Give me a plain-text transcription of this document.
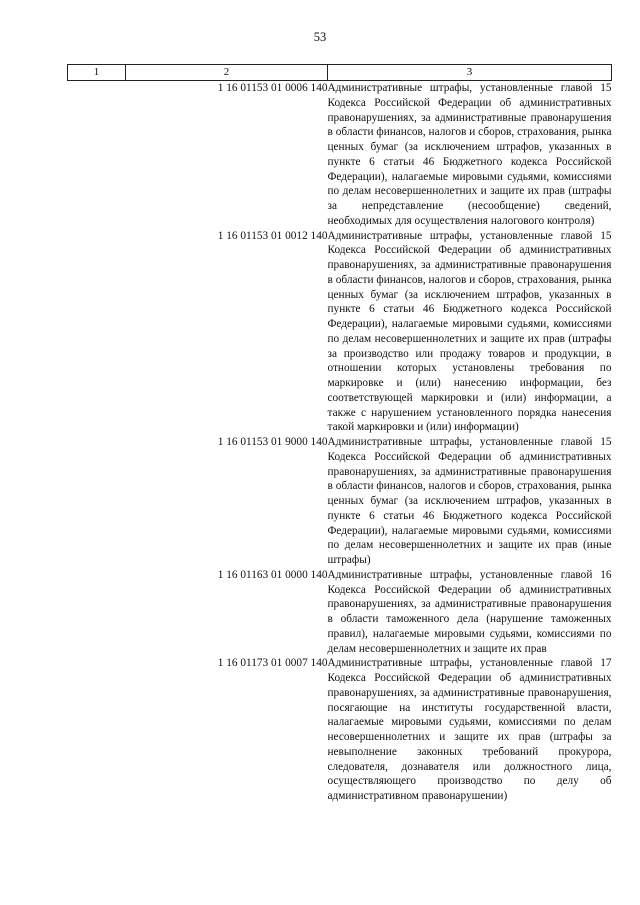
53
1	2	3
	1 16 01153 01 0006 140	Административные штрафы, установленные главой 15 Кодекса Российской Федерации об административных правонарушениях, за административные правонарушения в области финансов, налогов и сборов, страхования, рынка ценных бумаг (за исключением штрафов, указанных в пункте 6 статьи 46 Бюджетного кодекса Российской Федерации), налагаемые мировыми судьями, комиссиями по делам несовершеннолетних и защите их прав (штрафы за непредставление (несообщение) сведений, необходимых для осуществления налогового контроля)
	1 16 01153 01 0012 140	Административные штрафы, установленные главой 15 Кодекса Российской Федерации об административных правонарушениях, за административные правонарушения в области финансов, налогов и сборов, страхования, рынка ценных бумаг (за исключением штрафов, указанных в пункте 6 статьи 46 Бюджетного кодекса Российской Федерации), налагаемые мировыми судьями, комиссиями по делам несовершеннолетних и защите их прав (штрафы за производство или продажу товаров и продукции, в отношении которых установлены требования по маркировке и (или) нанесению информации, без соответствующей маркировки и (или) информации, а также с нарушением установленного порядка нанесения такой маркировки и (или) информации)
	1 16 01153 01 9000 140	Административные штрафы, установленные главой 15 Кодекса Российской Федерации об административных правонарушениях, за административные правонарушения в области финансов, налогов и сборов, страхования, рынка ценных бумаг (за исключением штрафов, указанных в пункте 6 статьи 46 Бюджетного кодекса Российской Федерации), налагаемые мировыми судьями, комиссиями по делам несовершеннолетних и защите их прав (иные штрафы)
	1 16 01163 01 0000 140	Административные штрафы, установленные главой 16 Кодекса Российской Федерации об административных правонарушениях, за административные правонарушения в области таможенного дела (нарушение таможенных правил), налагаемые мировыми судьями, комиссиями по делам несовершеннолетних и защите их прав
	1 16 01173 01 0007 140	Административные штрафы, установленные главой 17 Кодекса Российской Федерации об административных правонарушениях, за административные правонарушения, посягающие на институты государственной власти, налагаемые мировыми судьями, комиссиями по делам несовершеннолетних и защите их прав (штрафы за невыполнение законных требований прокурора, следователя, дознавателя или должностного лица, осуществляющего производство по делу об административном правонарушении)
